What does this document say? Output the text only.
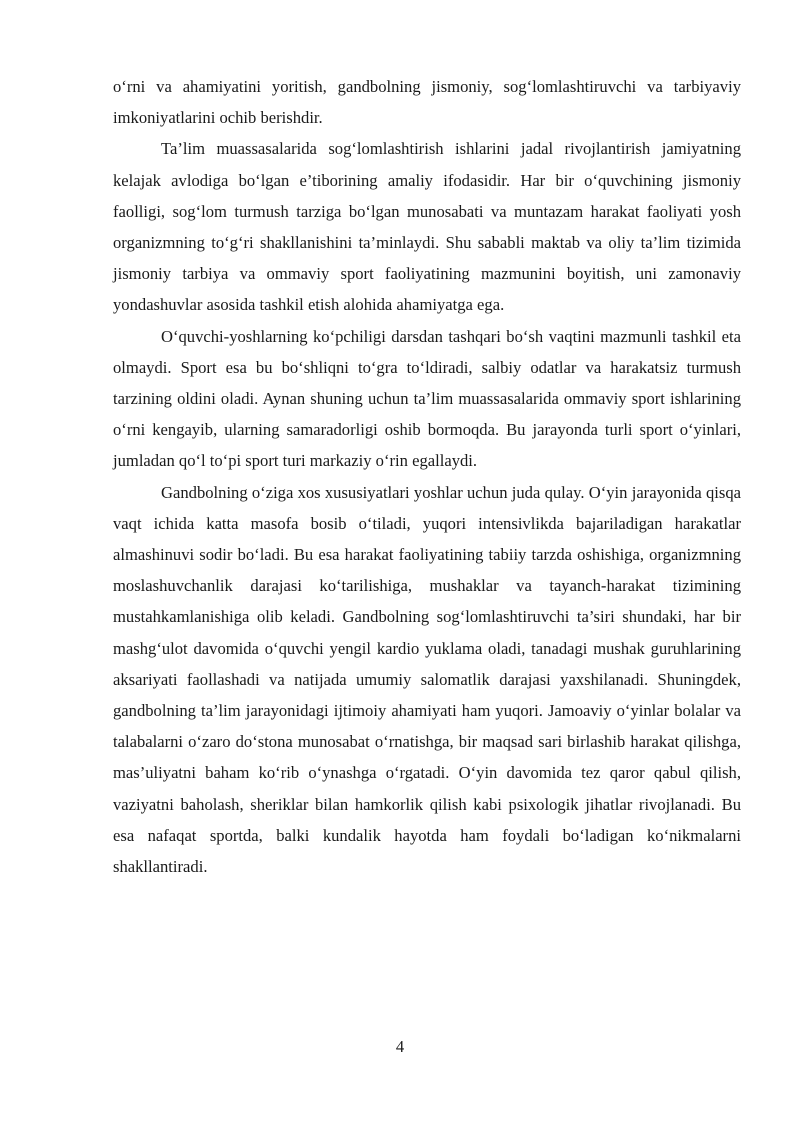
o‘rni va ahamiyatini yoritish, gandbolning jismoniy, sog‘lomlashtiruvchi va tarbiyaviy imkoniyatlarini ochib berishdir.

Ta’lim muassasalarida sog‘lomlashtirish ishlarini jadal rivojlantirish jamiyatning kelajak avlodiga bo‘lgan e’tiborining amaliy ifodasidir. Har bir o‘quvchining jismoniy faolligi, sog‘lom turmush tarziga bo‘lgan munosabati va muntazam harakat faoliyati yosh organizmning to‘g‘ri shakllanishini ta’minlaydi. Shu sababli maktab va oliy ta’lim tizimida jismoniy tarbiya va ommaviy sport faoliyatining mazmunini boyitish, uni zamonaviy yondashuvlar asosida tashkil etish alohida ahamiyatga ega.

O‘quvchi-yoshlarning ko‘pchiligi darsdan tashqari bo‘sh vaqtini mazmunli tashkil eta olmaydi. Sport esa bu bo‘shliqni to‘gra to‘ldiradi, salbiy odatlar va harakatsiz turmush tarzining oldini oladi. Aynan shuning uchun ta’lim muassasalarida ommaviy sport ishlarining o‘rni kengayib, ularning samaradorligi oshib bormoqda. Bu jarayonda turli sport o‘yinlari, jumladan qo‘l to‘pi sport turi markaziy o‘rin egallaydi.

Gandbolning o‘ziga xos xususiyatlari yoshlar uchun juda qulay. O‘yin jarayonida qisqa vaqt ichida katta masofa bosib o‘tiladi, yuqori intensivlikda bajariladigan harakatlar almashinuvi sodir bo‘ladi. Bu esa harakat faoliyatining tabiiy tarzda oshishiga, organizmning moslashuvchanlik darajasi ko‘tarilishiga, mushaklar va tayanch-harakat tizimining mustahkamlanishiga olib keladi. Gandbolning sog‘lomlashtiruvchi ta’siri shundaki, har bir mashg‘ulot davomida o‘quvchi yengil kardio yuklama oladi, tanadagi mushak guruhlarining aksariyati faollashadi va natijada umumiy salomatlik darajasi yaxshilanadi. Shuningdek, gandbolning ta’lim jarayonidagi ijtimoiy ahamiyati ham yuqori. Jamoaviy o‘yinlar bolalar va talabalarni o‘zaro do‘stona munosabat o‘rnatishga, bir maqsad sari birlashib harakat qilishga, mas’uliyatni baham ko‘rib o‘ynashga o‘rgatadi. O‘yin davomida tez qaror qabul qilish, vaziyatni baholash, sheriklar bilan hamkorlik qilish kabi psixologik jihatlar rivojlanadi. Bu esa nafaqat sportda, balki kundalik hayotda ham foydali bo‘ladigan ko‘nikmalarni shakllantiradi.

4
